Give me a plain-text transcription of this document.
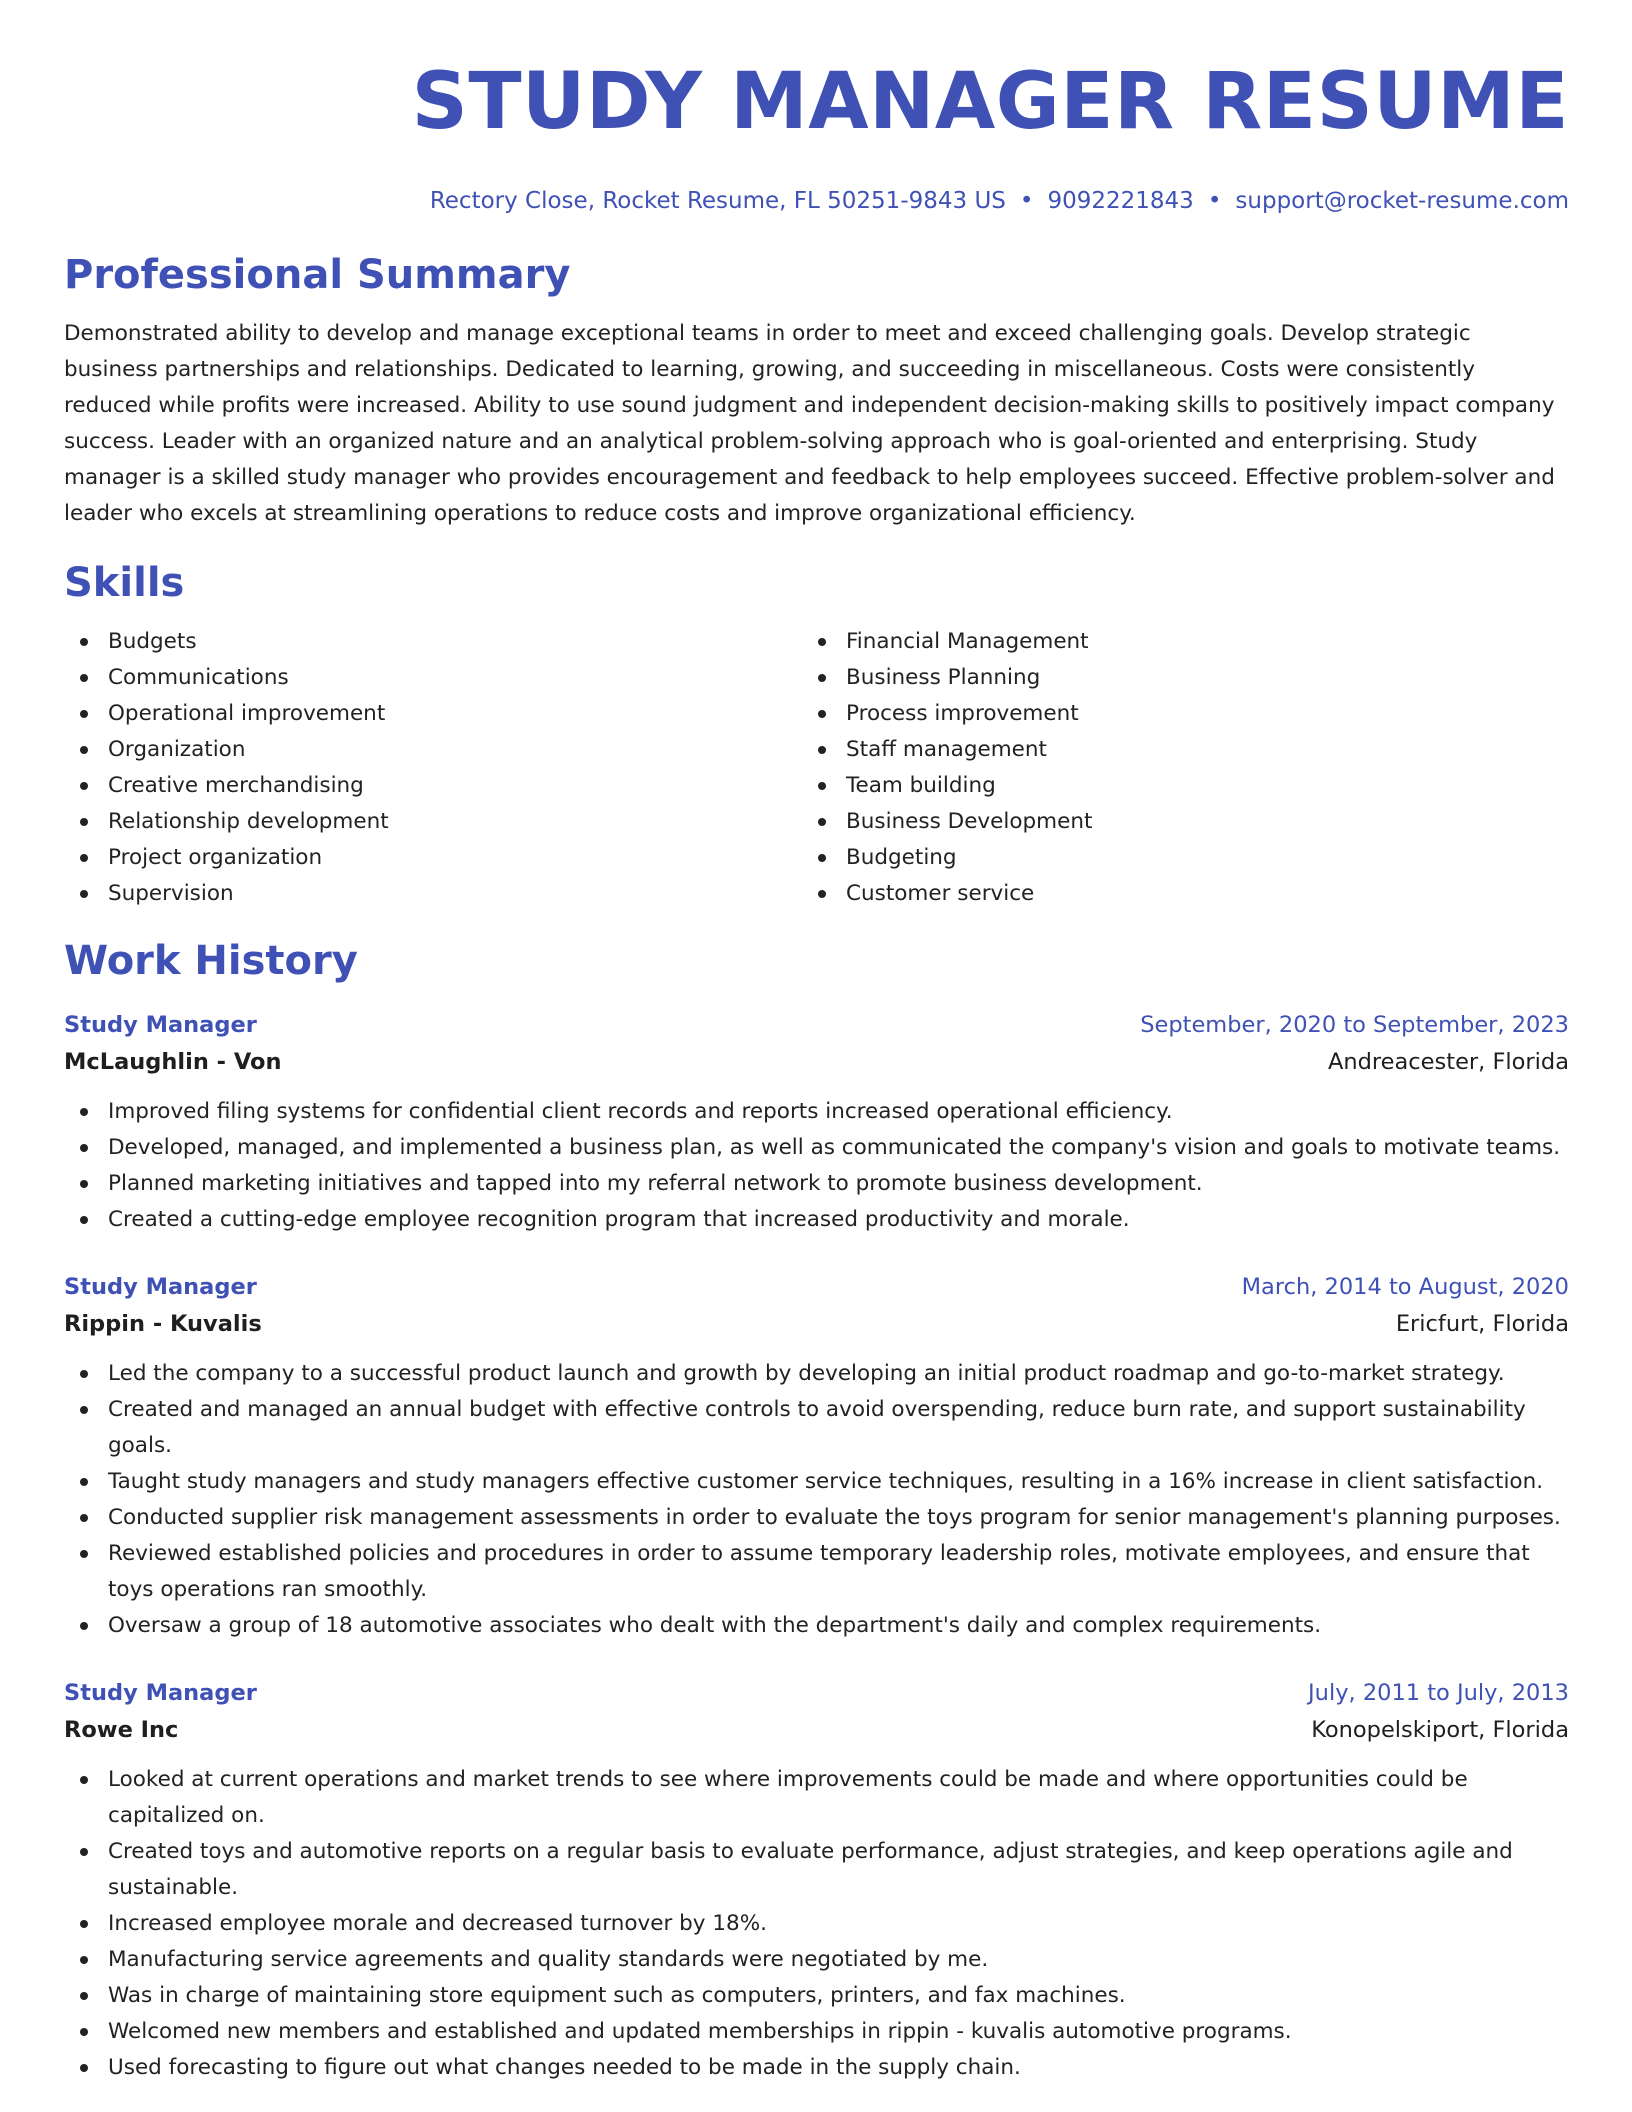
STUDY MANAGER RESUME
Rectory Close, Rocket Resume, FL 50251-9843 US • 9092221843 • support@rocket-resume.com
Professional Summary

Demonstrated ability to develop and manage exceptional teams in order to meet and exceed challenging goals. Develop strategic business partnerships and relationships. Dedicated to learning, growing, and succeeding in miscellaneous. Costs were consistently reduced while profits were increased. Ability to use sound judgment and independent decision-making skills to positively impact company success. Leader with an organized nature and an analytical problem-solving approach who is goal-oriented and enterprising. Study manager is a skilled study manager who provides encouragement and feedback to help employees succeed. Effective problem-solver and leader who excels at streamlining operations to reduce costs and improve organizational efficiency.

Skills
Budgets
Communications
Operational improvement
Organization
Creative merchandising
Relationship development
Project organization
Supervision
Financial Management
Business Planning
Process improvement
Staff management
Team building
Business Development
Budgeting
Customer service
Work History
Study Manager	September, 2020 to September, 2023
McLaughlin - Von	Andreacester, Florida
Improved filing systems for confidential client records and reports increased operational efficiency.
Developed, managed, and implemented a business plan, as well as communicated the company's vision and goals to motivate teams.
Planned marketing initiatives and tapped into my referral network to promote business development.
Created a cutting-edge employee recognition program that increased productivity and morale.
Study Manager	March, 2014 to August, 2020
Rippin - Kuvalis	Ericfurt, Florida
Led the company to a successful product launch and growth by developing an initial product roadmap and go-to-market strategy.
Created and managed an annual budget with effective controls to avoid overspending, reduce burn rate, and support sustainability goals.
Taught study managers and study managers effective customer service techniques, resulting in a 16% increase in client satisfaction.
Conducted supplier risk management assessments in order to evaluate the toys program for senior management's planning purposes.
Reviewed established policies and procedures in order to assume temporary leadership roles, motivate employees, and ensure that toys operations ran smoothly.
Oversaw a group of 18 automotive associates who dealt with the department's daily and complex requirements.
Study Manager	July, 2011 to July, 2013
Rowe Inc	Konopelskiport, Florida
Looked at current operations and market trends to see where improvements could be made and where opportunities could be capitalized on.
Created toys and automotive reports on a regular basis to evaluate performance, adjust strategies, and keep operations agile and sustainable.
Increased employee morale and decreased turnover by 18%.
Manufacturing service agreements and quality standards were negotiated by me.
Was in charge of maintaining store equipment such as computers, printers, and fax machines.
Welcomed new members and established and updated memberships in rippin - kuvalis automotive programs.
Used forecasting to figure out what changes needed to be made in the supply chain.
